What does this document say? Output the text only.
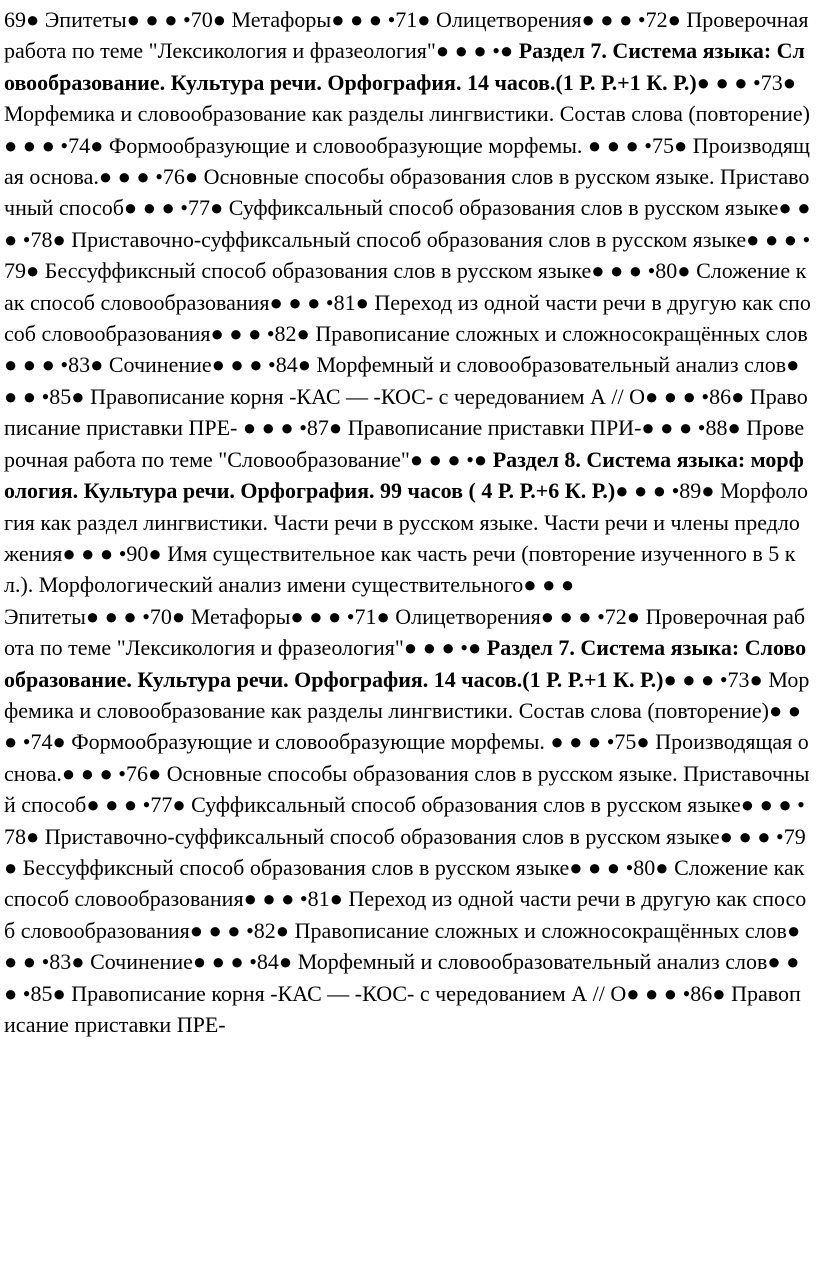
69● Эпитеты● ● ● •70● Метафоры● ● ● •71● Олицетворения● ● ● •72● Проверочная работа по теме "Лексикология и фразеология"● ● ● •● Раздел 7. Система языка: Словообразование. Культура речи. Орфография. 14 часов.(1 Р. Р.+1 К. Р.)● ● ● •73● Морфемика и словообразование как разделы лингвистики. Состав слова (повторение)● ● ● •74● Формообразующие и словообразующие морфемы. ● ● ● •75● Производящая основа.● ● ● •76● Основные способы образования слов в русском языке. Приставочный способ● ● ● •77● Суффиксальный способ образования слов в русском языке● ● ● •78● Приставочно-суффиксальный способ образования слов в русском языке● ● ● •79● Бессуффиксный способ образования слов в русском языке● ● ● •80● Сложение как способ словообразования● ● ● •81● Переход из одной части речи в другую как способ словообразования● ● ● •82● Правописание сложных и сложносокращённых слов● ● ● •83● Сочинение● ● ● •84● Морфемный и словообразовательный анализ слов● ● ● •85● Правописание корня -КАС — -КОС- с чередованием А // О● ● ● •86● Правописание приставки ПРЕ- ● ● ● •87● Правописание приставки ПРИ-● ● ● •88● Проверочная работа по теме "Словообразование"● ● ● •● Раздел 8. Система языка: морфология. Культура речи. Орфография. 99 часов ( 4 Р. Р.+6 К. Р.)● ● ● •89● Морфология как раздел лингвистики. Части речи в русском языке. Части речи и члены предложения● ● ● •90● Имя существительное как часть речи (повторение изученного в 5 кл.). Морфологический анализ имени существительного● ● ●

Эпитеты● ● ● •70● Метафоры● ● ● •71● Олицетворения● ● ● •72● Проверочная работа по теме "Лексикология и фразеология"● ● ● •● Раздел 7. Система языка: Словообразование. Культура речи. Орфография. 14 часов.(1 Р. Р.+1 К. Р.)● ● ● •73● Морфемика и словообразование как разделы лингвистики. Состав слова (повторение)● ● ● •74● Формообразующие и словообразующие морфемы. ● ● ● •75● Производящая основа.● ● ● •76● Основные способы образования слов в русском языке. Приставочный способ● ● ● •77● Суффиксальный способ образования слов в русском языке● ● ● •78● Приставочно-суффиксальный способ образования слов в русском языке● ● ● •79● Бессуффиксный способ образования слов в русском языке● ● ● •80● Сложение как способ словообразования● ● ● •81● Переход из одной части речи в другую как способ словообразования● ● ● •82● Правописание сложных и сложносокращённых слов● ● ● •83● Сочинение● ● ● •84● Морфемный и словообразовательный анализ слов● ● ● •85● Правописание корня -КАС — -КОС- с чередованием А // О● ● ● •86● Правописание приставки ПРЕ-
